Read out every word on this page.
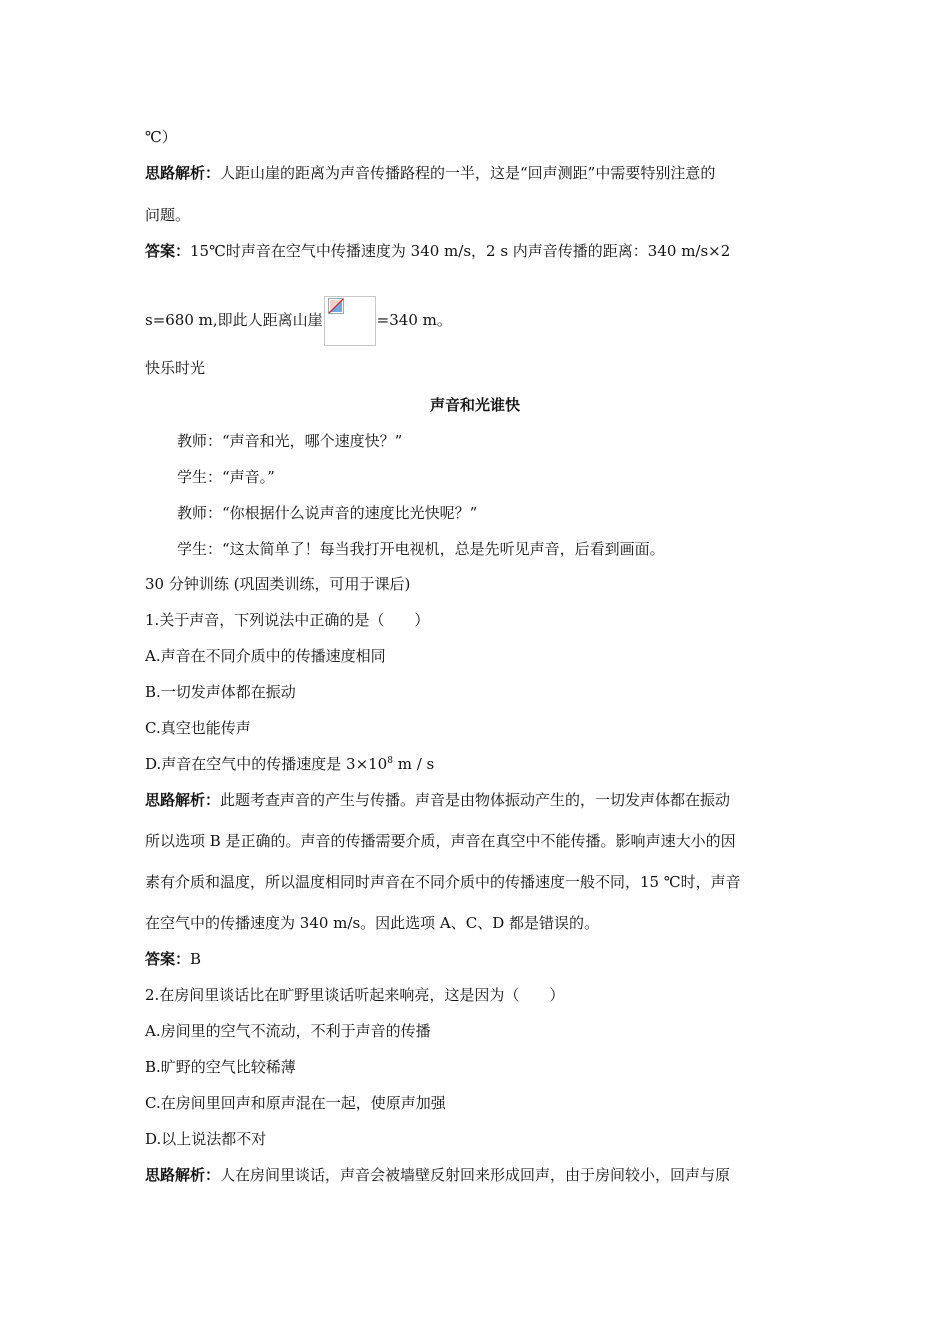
℃）
思路解析：人距山崖的距离为声音传播路程的一半，这是“回声测距”中需要特别注意的
问题。
答案：15℃时声音在空气中传播速度为 340 m/s，2 s 内声音传播的距离：340 m/s×2
s=680 m,即此人距离山崖	=340 m。
快乐时光
声音和光谁快
教师：“声音和光，哪个速度快？”
学生：“声音。”
教师：“你根据什么说声音的速度比光快呢？”
学生：“这太简单了！每当我打开电视机，总是先听见声音，后看到画面。
30 分钟训练 (巩固类训练，可用于课后)
1.关于声音，下列说法中正确的是（　　）
A.声音在不同介质中的传播速度相同
B.一切发声体都在振动
C.真空也能传声
D.声音在空气中的传播速度是 $3\times 10^8$ m / s
思路解析：此题考查声音的产生与传播。声音是由物体振动产生的，一切发声体都在振动
所以选项 B 是正确的。声音的传播需要介质，声音在真空中不能传播。影响声速大小的因
素有介质和温度，所以温度相同时声音在不同介质中的传播速度一般不同，15 ℃时，声音
在空气中的传播速度为 340 m/s。因此选项 A、C、D 都是错误的。
答案：B
2.在房间里谈话比在旷野里谈话听起来响亮，这是因为（　　）
A.房间里的空气不流动，不利于声音的传播
B.旷野的空气比较稀薄
C.在房间里回声和原声混在一起，使原声加强
D.以上说法都不对
思路解析：人在房间里谈话，声音会被墙壁反射回来形成回声，由于房间较小，回声与原
